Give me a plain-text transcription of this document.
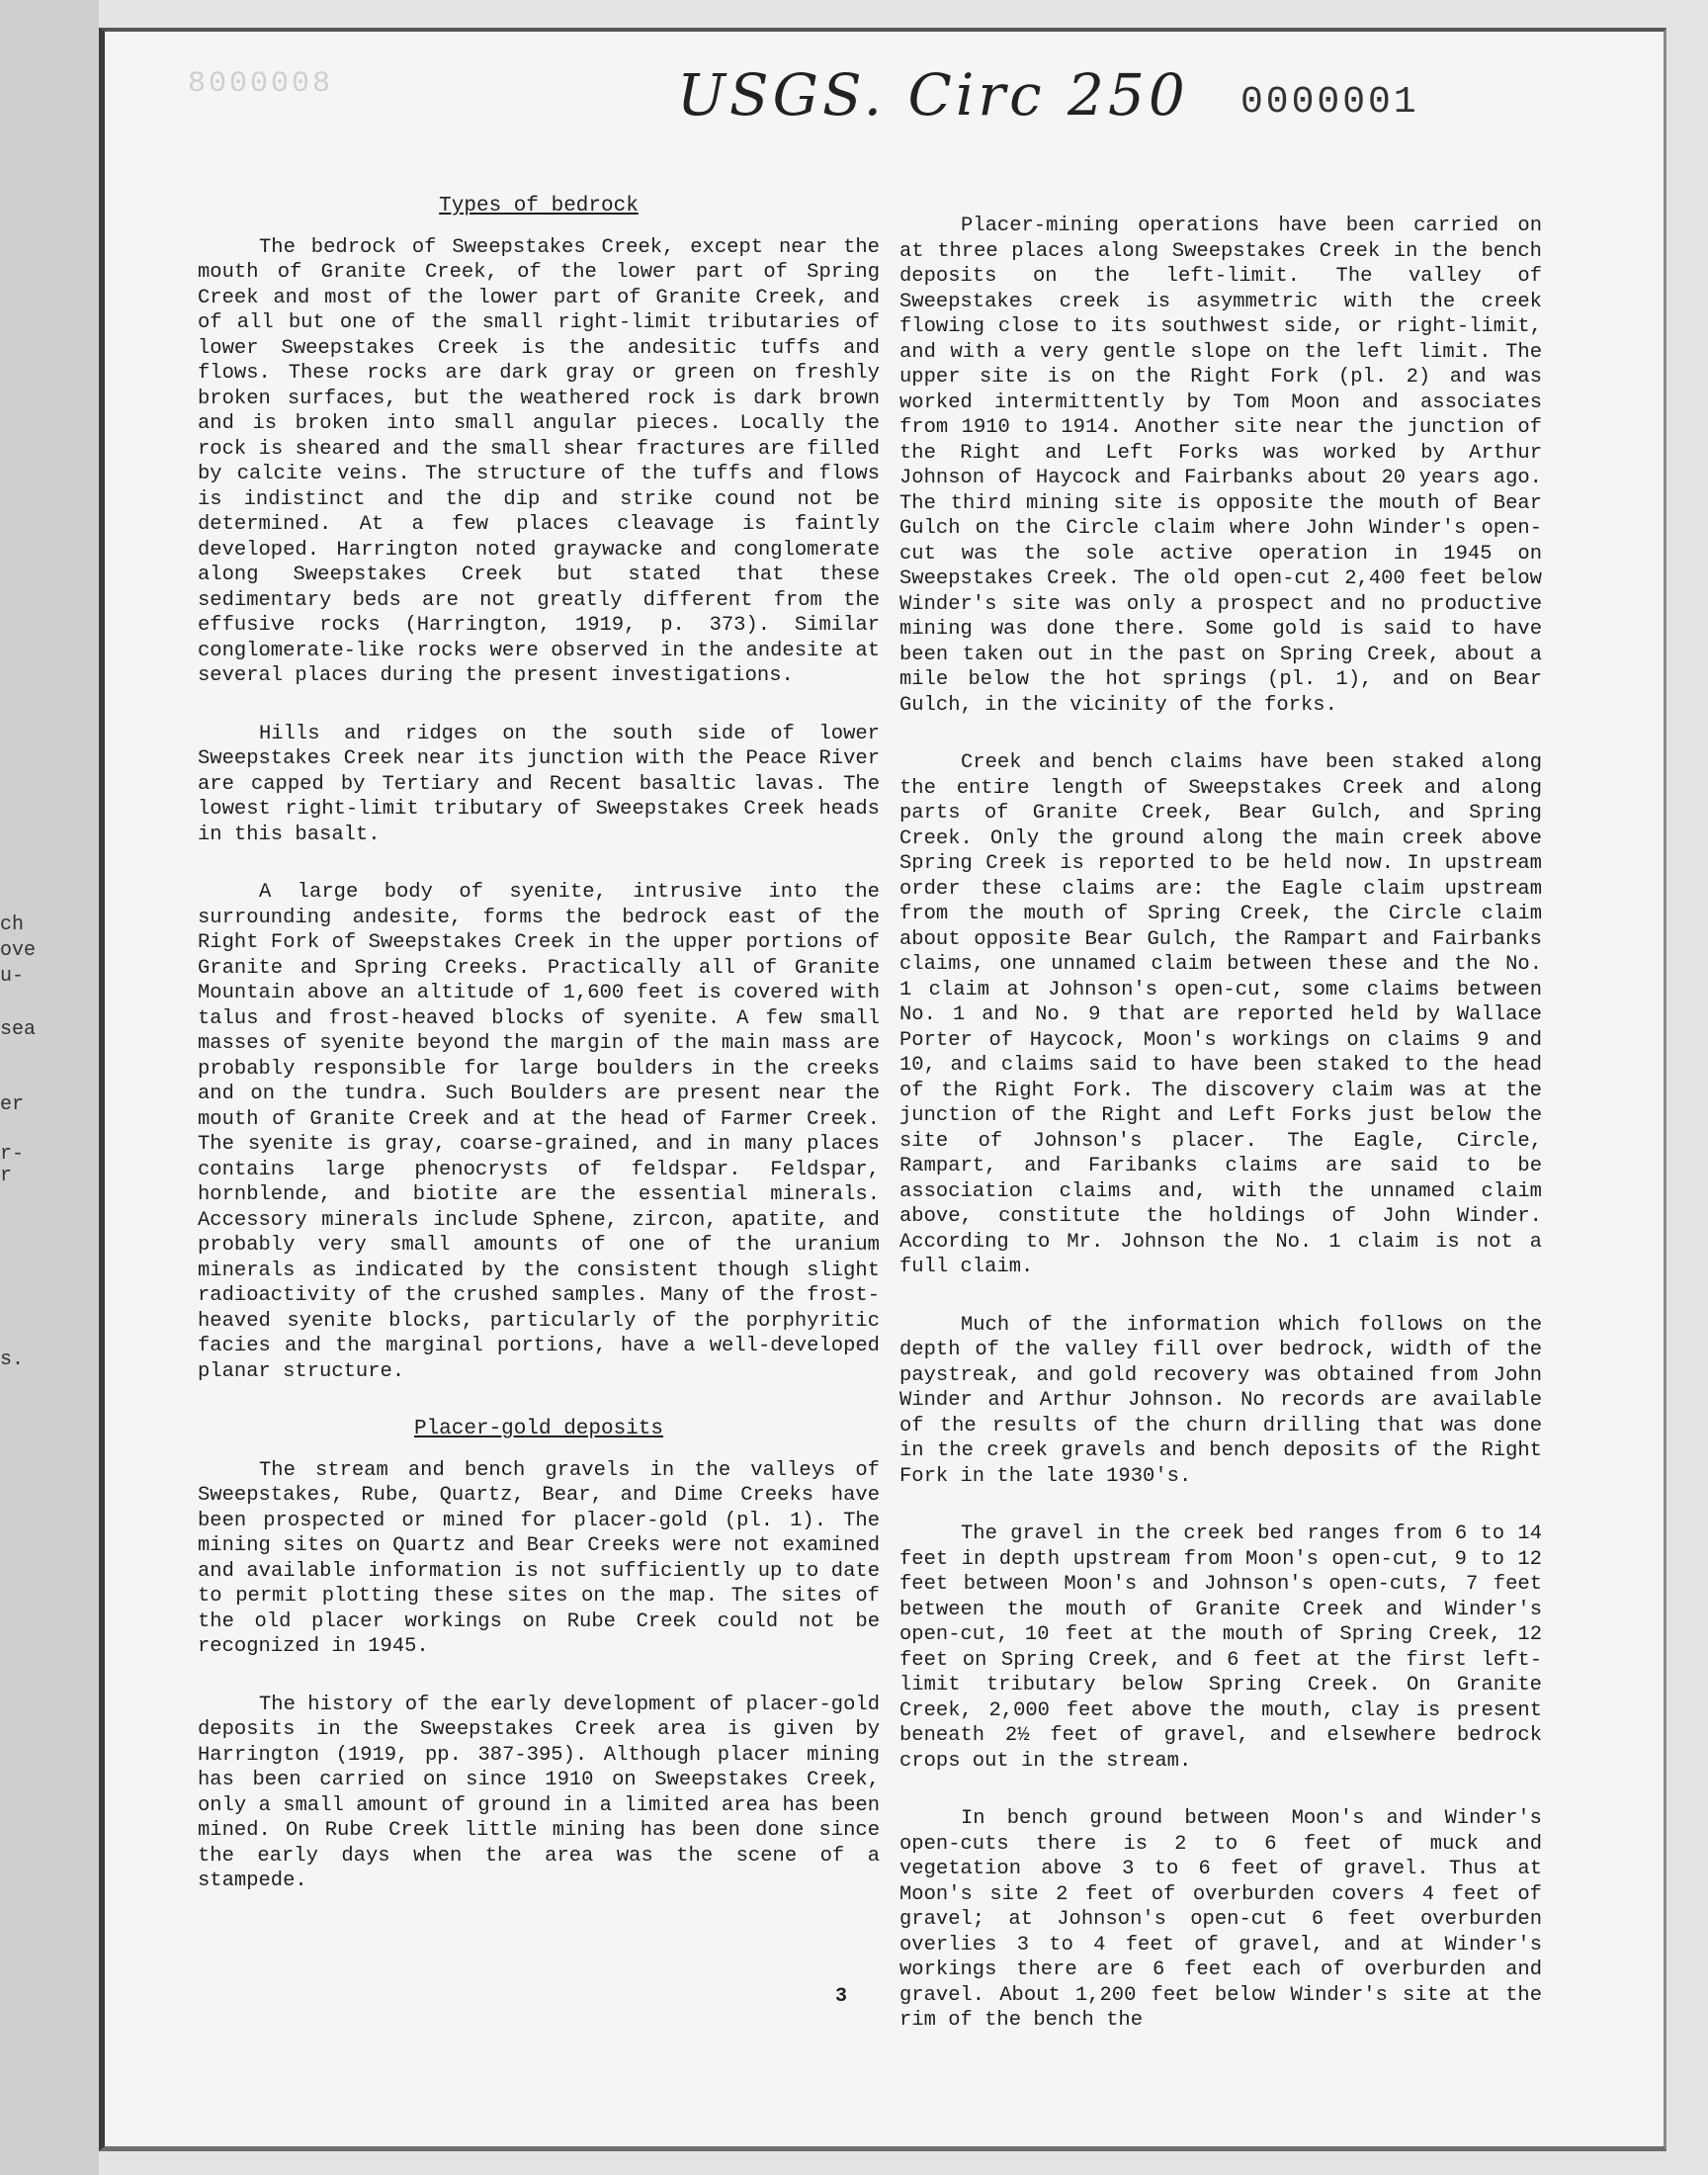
ch
ove
u-
sea
er
r-
r
s.
8000008	USGS. Circ 250 0000001
Types of bedrock

The bedrock of Sweepstakes Creek, except near the mouth of Granite Creek, of the lower part of Spring Creek and most of the lower part of Granite Creek, and of all but one of the small right-limit tributaries of lower Sweepstakes Creek is the andesitic tuffs and flows. These rocks are dark gray or green on freshly broken surfaces, but the weathered rock is dark brown and is broken into small angular pieces. Locally the rock is sheared and the small shear fractures are filled by calcite veins. The structure of the tuffs and flows is indistinct and the dip and strike cound not be determined. At a few places cleavage is faintly developed. Harrington noted graywacke and conglomerate along Sweepstakes Creek but stated that these sedimentary beds are not greatly different from the effusive rocks (Harrington, 1919, p. 373). Similar conglomerate-like rocks were observed in the andesite at several places during the present investigations.

Hills and ridges on the south side of lower Sweepstakes Creek near its junction with the Peace River are capped by Tertiary and Recent basaltic lavas. The lowest right-limit tributary of Sweepstakes Creek heads in this basalt.

A large body of syenite, intrusive into the surrounding andesite, forms the bedrock east of the Right Fork of Sweepstakes Creek in the upper portions of Granite and Spring Creeks. Practically all of Granite Mountain above an altitude of 1,600 feet is covered with talus and frost-heaved blocks of syenite. A few small masses of syenite beyond the margin of the main mass are probably responsible for large boulders in the creeks and on the tundra. Such Boulders are present near the mouth of Granite Creek and at the head of Farmer Creek. The syenite is gray, coarse-grained, and in many places contains large phenocrysts of feldspar. Feldspar, hornblende, and biotite are the essential minerals. Accessory minerals include Sphene, zircon, apatite, and probably very small amounts of one of the uranium minerals as indicated by the consistent though slight radioactivity of the crushed samples. Many of the frost-heaved syenite blocks, particularly of the porphyritic facies and the marginal portions, have a well-developed planar structure.

Placer-gold deposits

The stream and bench gravels in the valleys of Sweepstakes, Rube, Quartz, Bear, and Dime Creeks have been prospected or mined for placer-gold (pl. 1). The mining sites on Quartz and Bear Creeks were not examined and available information is not sufficiently up to date to permit plotting these sites on the map. The sites of the old placer workings on Rube Creek could not be recognized in 1945.

The history of the early development of placer-gold deposits in the Sweepstakes Creek area is given by Harrington (1919, pp. 387-395). Although placer mining has been carried on since 1910 on Sweepstakes Creek, only a small amount of ground in a limited area has been mined. On Rube Creek little mining has been done since the early days when the area was the scene of a stampede.

Placer-mining operations have been carried on at three places along Sweepstakes Creek in the bench deposits on the left-limit. The valley of Sweepstakes creek is asymmetric with the creek flowing close to its southwest side, or right-limit, and with a very gentle slope on the left limit. The upper site is on the Right Fork (pl. 2) and was worked intermittently by Tom Moon and associates from 1910 to 1914. Another site near the junction of the Right and Left Forks was worked by Arthur Johnson of Haycock and Fairbanks about 20 years ago. The third mining site is opposite the mouth of Bear Gulch on the Circle claim where John Winder's open-cut was the sole active operation in 1945 on Sweepstakes Creek. The old open-cut 2,400 feet below Winder's site was only a prospect and no productive mining was done there. Some gold is said to have been taken out in the past on Spring Creek, about a mile below the hot springs (pl. 1), and on Bear Gulch, in the vicinity of the forks.

Creek and bench claims have been staked along the entire length of Sweepstakes Creek and along parts of Granite Creek, Bear Gulch, and Spring Creek. Only the ground along the main creek above Spring Creek is reported to be held now. In upstream order these claims are: the Eagle claim upstream from the mouth of Spring Creek, the Circle claim about opposite Bear Gulch, the Rampart and Fairbanks claims, one unnamed claim between these and the No. 1 claim at Johnson's open-cut, some claims between No. 1 and No. 9 that are reported held by Wallace Porter of Haycock, Moon's workings on claims 9 and 10, and claims said to have been staked to the head of the Right Fork. The discovery claim was at the junction of the Right and Left Forks just below the site of Johnson's placer. The Eagle, Circle, Rampart, and Faribanks claims are said to be association claims and, with the unnamed claim above, constitute the holdings of John Winder. According to Mr. Johnson the No. 1 claim is not a full claim.

Much of the information which follows on the depth of the valley fill over bedrock, width of the paystreak, and gold recovery was obtained from John Winder and Arthur Johnson. No records are available of the results of the churn drilling that was done in the creek gravels and bench deposits of the Right Fork in the late 1930's.

The gravel in the creek bed ranges from 6 to 14 feet in depth upstream from Moon's open-cut, 9 to 12 feet between Moon's and Johnson's open-cuts, 7 feet between the mouth of Granite Creek and Winder's open-cut, 10 feet at the mouth of Spring Creek, 12 feet on Spring Creek, and 6 feet at the first left-limit tributary below Spring Creek. On Granite Creek, 2,000 feet above the mouth, clay is present beneath 2½ feet of gravel, and elsewhere bedrock crops out in the stream.

In bench ground between Moon's and Winder's open-cuts there is 2 to 6 feet of muck and vegetation above 3 to 6 feet of gravel. Thus at Moon's site 2 feet of overburden covers 4 feet of gravel; at Johnson's open-cut 6 feet overburden overlies 3 to 4 feet of gravel, and at Winder's workings there are 6 feet each of overburden and gravel. About 1,200 feet below Winder's site at the rim of the bench the

3
